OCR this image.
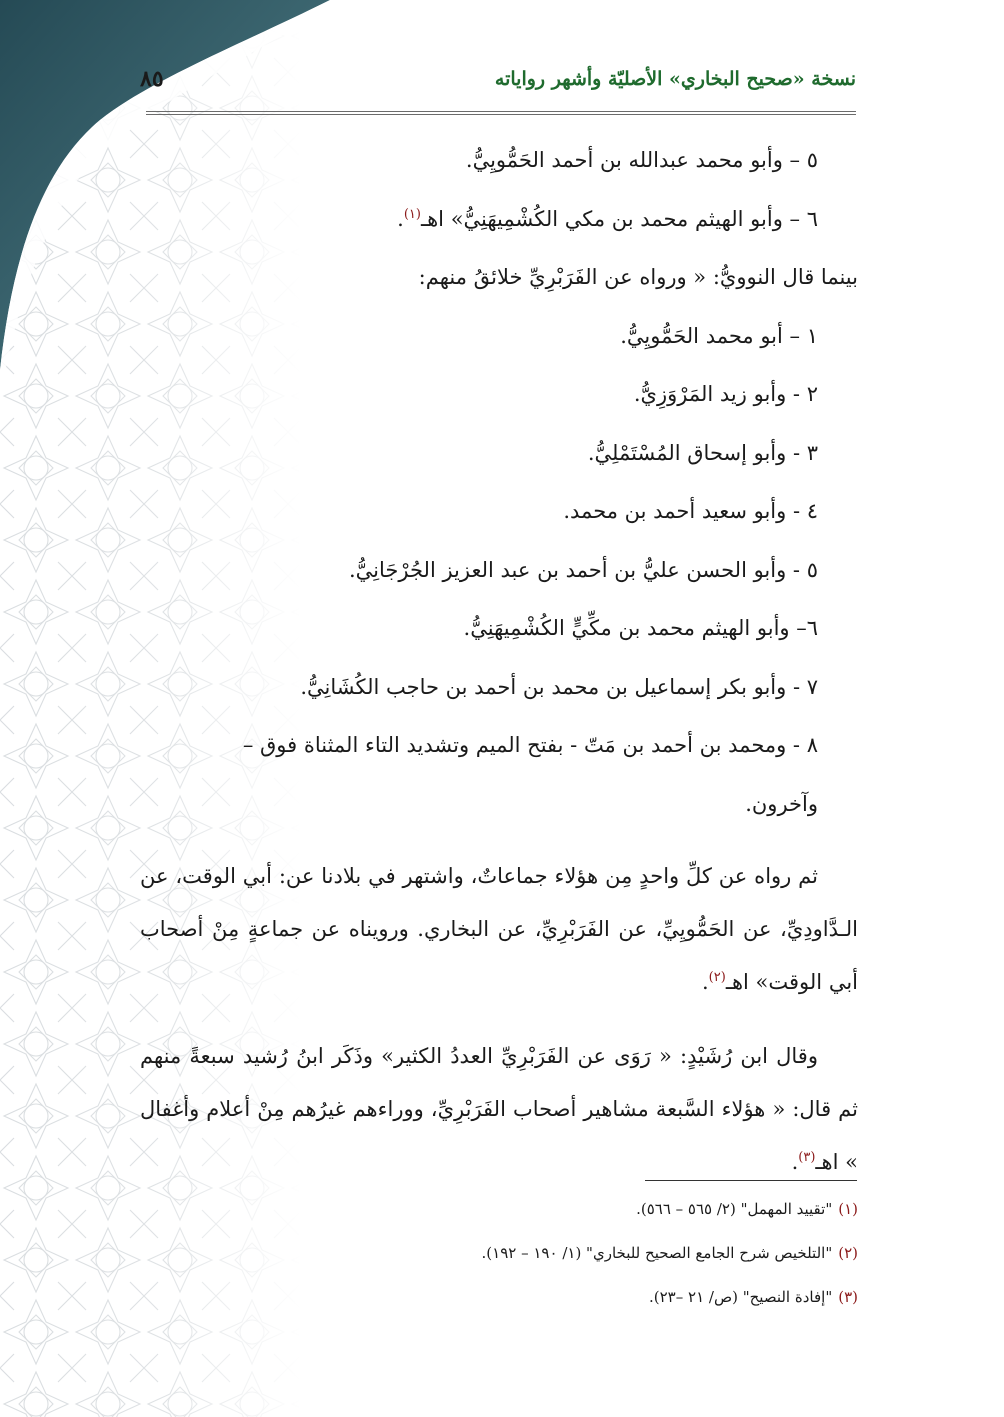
نسخة «صحيح البخاري» الأصليّة وأشهر رواياته
٨٥
٥ – وأبو محمد عبدالله بن أحمد الحَمُّويِيُّ.
٦ – وأبو الهيثم محمد بن مكي الكُشْمِيهَنِيُّ» اهـ$^{(١)}$.
بينما قال النوويُّ: « ورواه عن الفَرَبْرِيِّ خلائقُ منهم:
١ – أبو محمد الحَمُّويِيُّ.
٢ - وأبو زيد المَرْوَزِيُّ.
٣ - وأبو إسحاق المُسْتَمْلِيُّ.
٤ - وأبو سعيد أحمد بن محمد.
٥ - وأبو الحسن عليُّ بن أحمد بن عبد العزيز الجُرْجَانِيُّ.
٦– وأبو الهيثم محمد بن مكِّيٍّ الكُشْمِيهَنِيُّ.
٧ - وأبو بكر إسماعيل بن محمد بن أحمد بن حاجب الكُشَانِيُّ.
٨ - ومحمد بن أحمد بن مَتّ - بفتح الميم وتشديد التاء المثناة فوق –
وآخرون.

ثم رواه عن كلِّ واحدٍ مِن هؤلاء جماعاتٌ، واشتهر في بلادنا عن: أبي الوقت، عن الـدَّاودِيِّ، عن الحَمُّويِيِّ، عن الفَرَبْرِيِّ، عن البخاري. ورويناه عن جماعةٍ مِنْ أصحاب أبي الوقت» اهـ$^{(٢)}$.

وقال ابن رُشَيْدٍ: « رَوَى عن الفَرَبْرِيِّ العددُ الكثير» وذَكَر ابنُ رُشيد سبعةً منهم ثم قال: « هؤلاء السَّبعة مشاهير أصحاب الفَرَبْرِيِّ، ووراءهم غيرُهم مِنْ أعلام وأغفال » اهـ$^{(٣)}$.

(١)"تقييد المهمل" (٢/ ٥٦٥ – ٥٦٦).
(٢)"التلخيص شرح الجامع الصحيح للبخاري" (١/ ١٩٠ – ١٩٢).
(٣)"إفادة النصيح" (ص/ ٢١ –٢٣).
